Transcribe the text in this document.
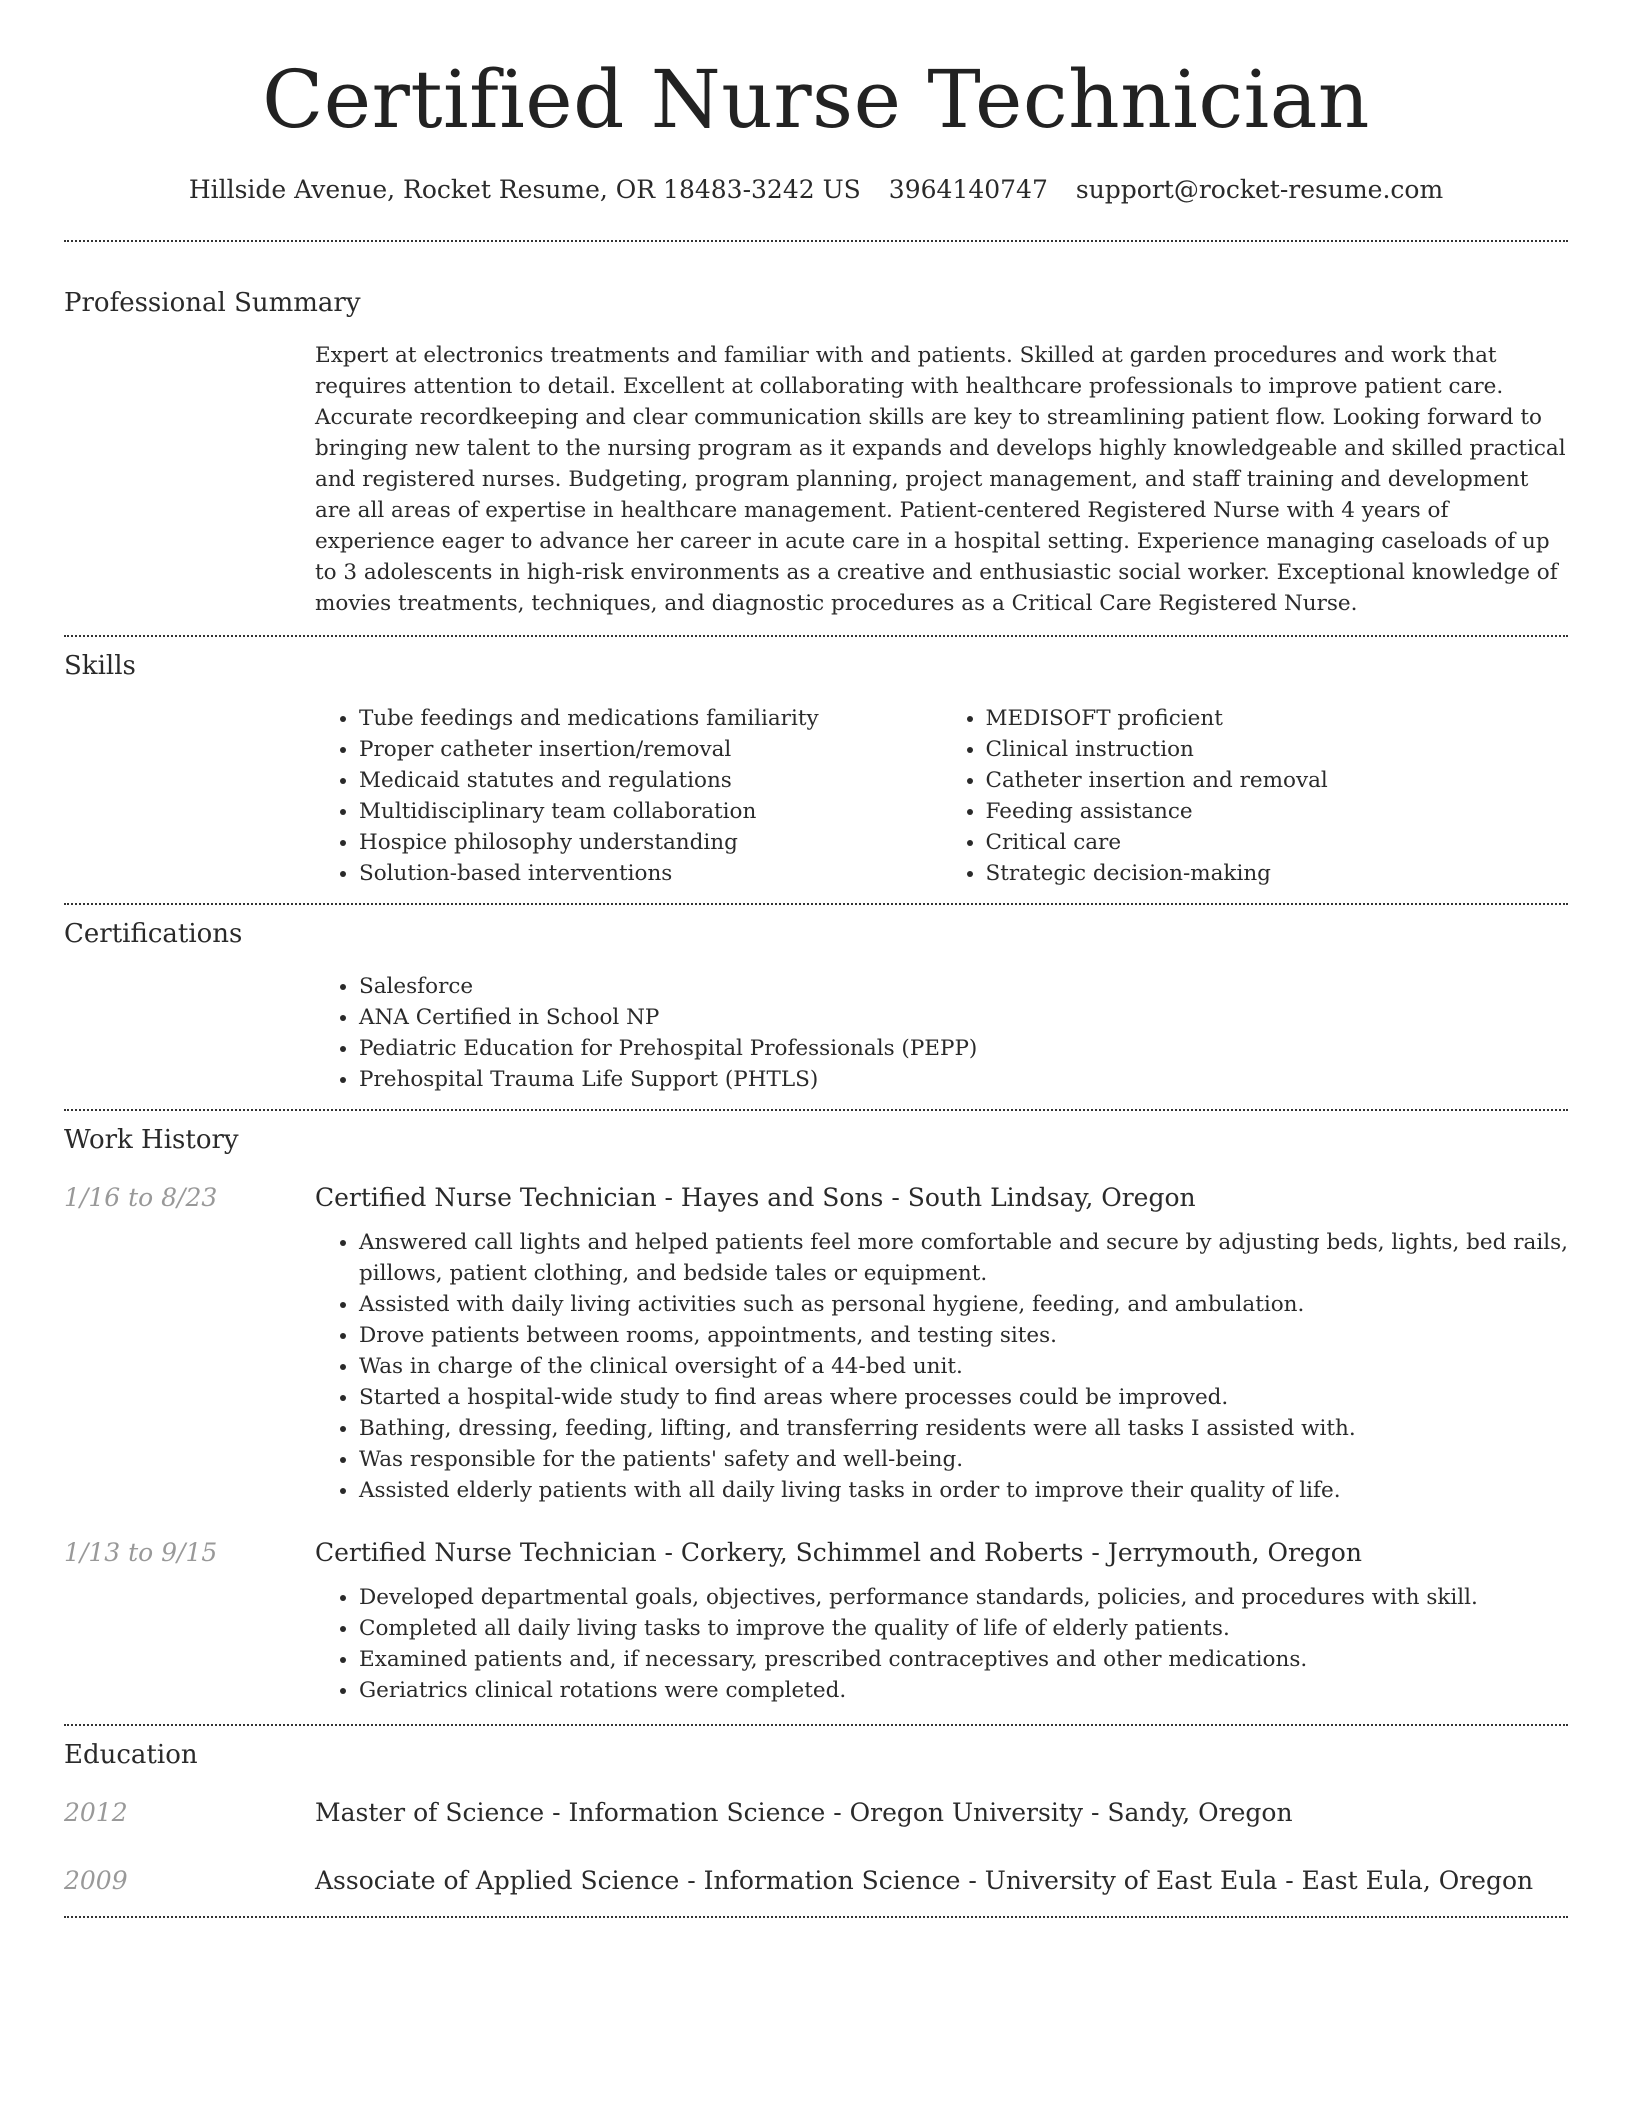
Certified Nurse Technician
Hillside Avenue, Rocket Resume, OR 18483-3242 US 3964140747 support@rocket-resume.com
Professional Summary
Expert at electronics treatments and familiar with and patients. Skilled at garden procedures and work that requires attention to detail. Excellent at collaborating with healthcare professionals to improve patient care. Accurate recordkeeping and clear communication skills are key to streamlining patient flow. Looking forward to bringing new talent to the nursing program as it expands and develops highly knowledgeable and skilled practical and registered nurses. Budgeting, program planning, project management, and staff training and development are all areas of expertise in healthcare management. Patient-centered Registered Nurse with 4 years of experience eager to advance her career in acute care in a hospital setting. Experience managing caseloads of up to 3 adolescents in high-risk environments as a creative and enthusiastic social worker. Exceptional knowledge of movies treatments, techniques, and diagnostic procedures as a Critical Care Registered Nurse.
Skills
• Tube feedings and medications familiarity
• Proper catheter insertion/removal
• Medicaid statutes and regulations
• Multidisciplinary team collaboration
• Hospice philosophy understanding
• Solution-based interventions
• MEDISOFT proficient
• Clinical instruction
• Catheter insertion and removal
• Feeding assistance
• Critical care
• Strategic decision-making
Certifications
• Salesforce
• ANA Certified in School NP
• Pediatric Education for Prehospital Professionals (PEPP)
• Prehospital Trauma Life Support (PHTLS)
Work History
1/16 to 8/23	Certified Nurse Technician - Hayes and Sons - South Lindsay, Oregon
• Answered call lights and helped patients feel more comfortable and secure by adjusting beds, lights, bed rails, pillows, patient clothing, and bedside tales or equipment.
• Assisted with daily living activities such as personal hygiene, feeding, and ambulation.
• Drove patients between rooms, appointments, and testing sites.
• Was in charge of the clinical oversight of a 44-bed unit.
• Started a hospital-wide study to find areas where processes could be improved.
• Bathing, dressing, feeding, lifting, and transferring residents were all tasks I assisted with.
• Was responsible for the patients' safety and well-being.
• Assisted elderly patients with all daily living tasks in order to improve their quality of life.
1/13 to 9/15	Certified Nurse Technician - Corkery, Schimmel and Roberts - Jerrymouth, Oregon
• Developed departmental goals, objectives, performance standards, policies, and procedures with skill.
• Completed all daily living tasks to improve the quality of life of elderly patients.
• Examined patients and, if necessary, prescribed contraceptives and other medications.
• Geriatrics clinical rotations were completed.
Education
2012	Master of Science - Information Science - Oregon University - Sandy, Oregon
2009	Associate of Applied Science - Information Science - University of East Eula - East Eula, Oregon
